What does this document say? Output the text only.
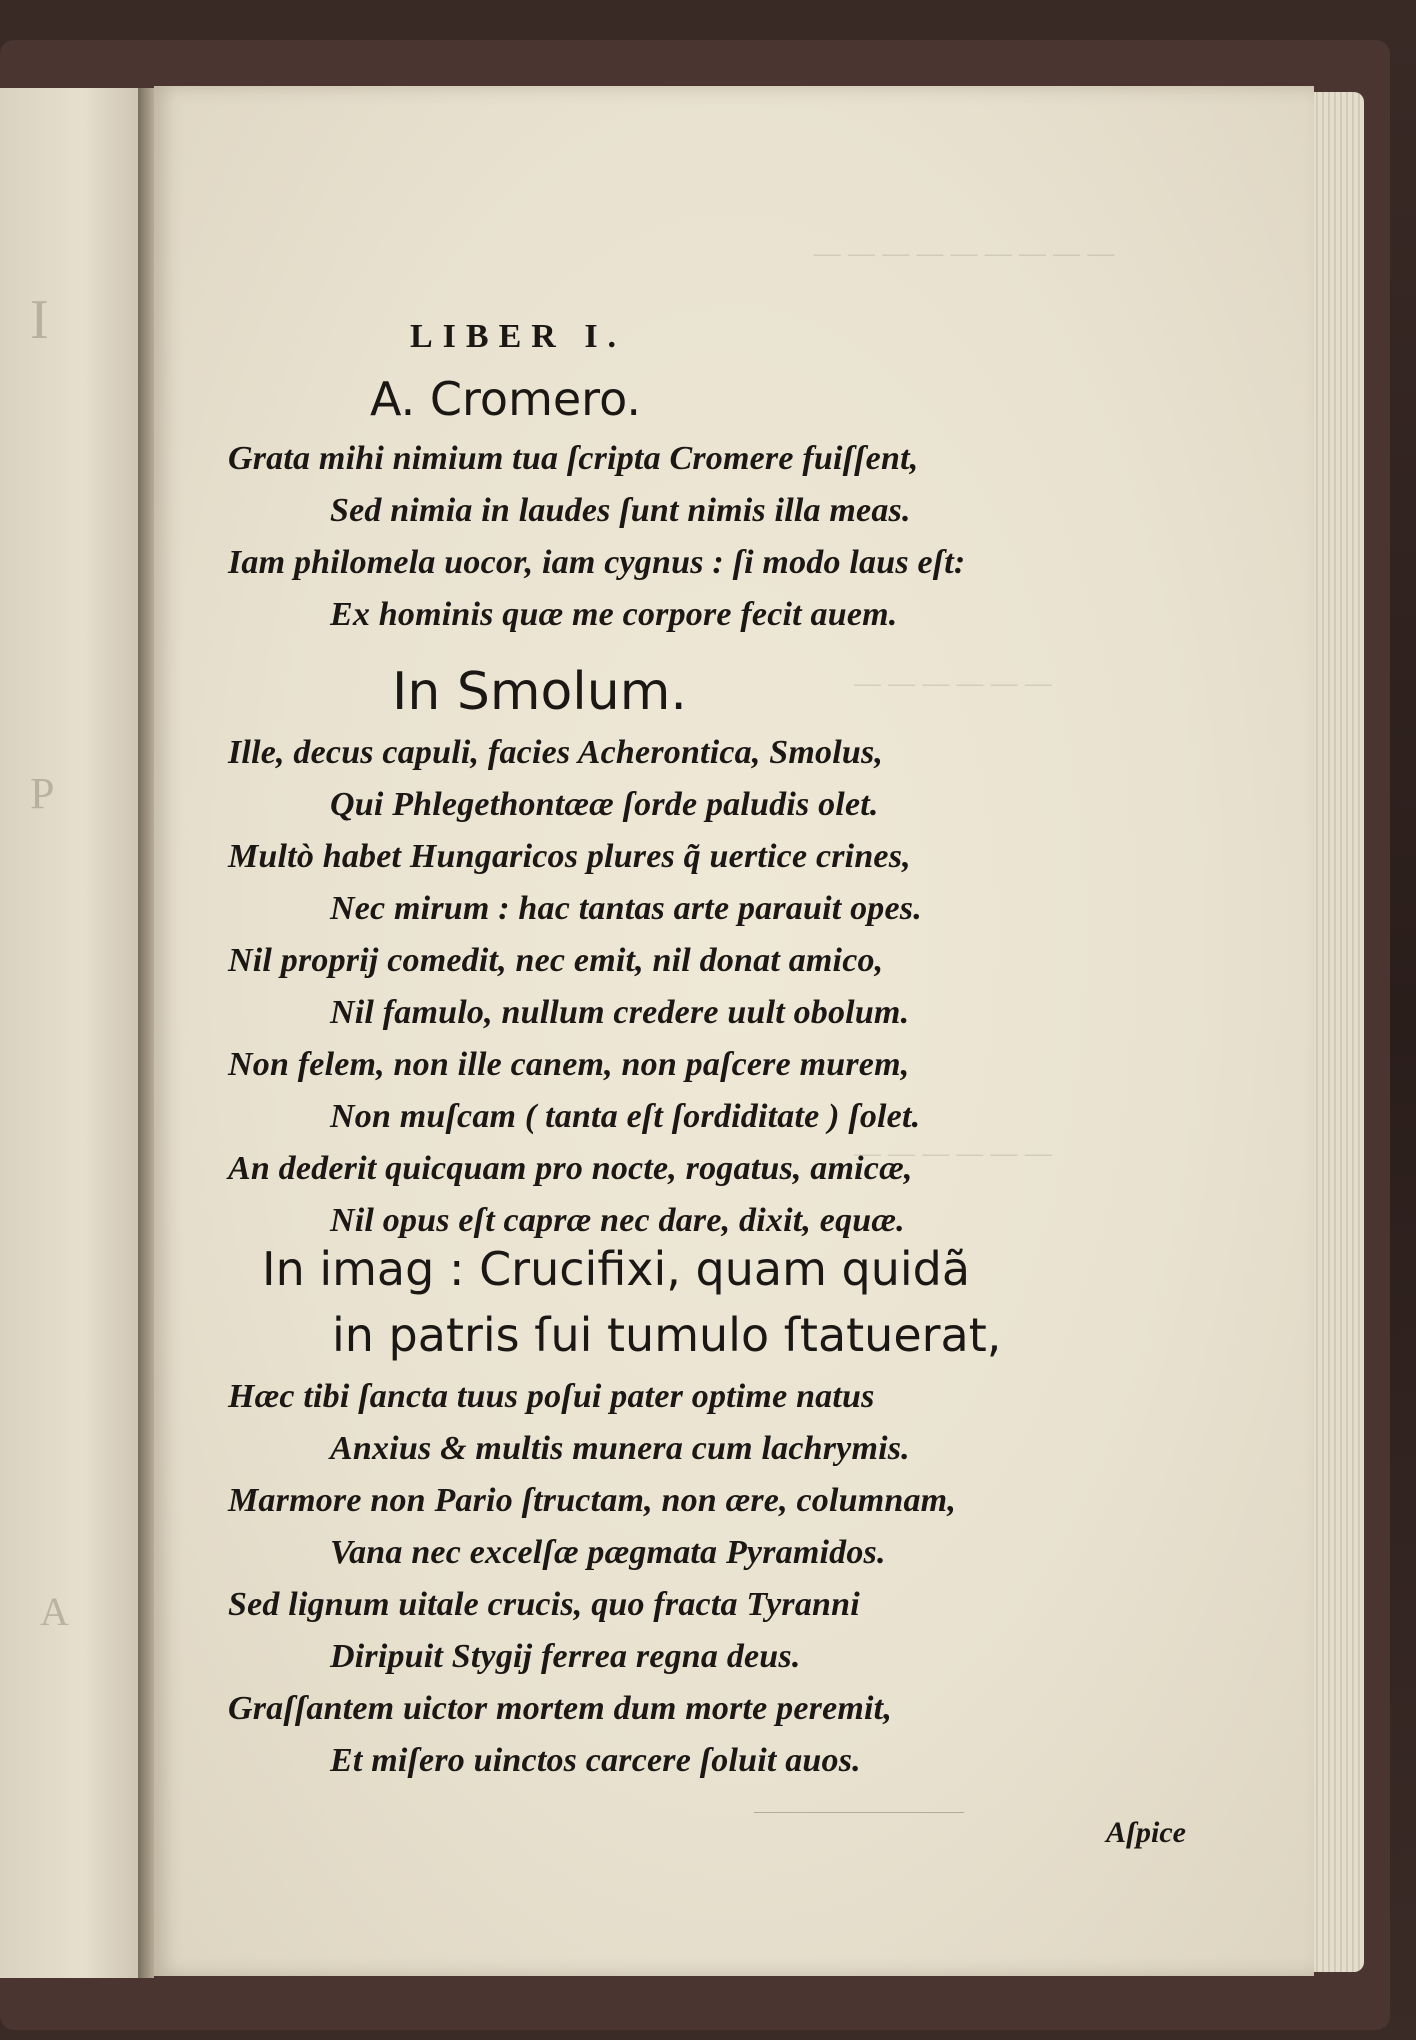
I
P
A
— — — — — — — — —
— — — — — —
— — — — — —
LIBER I.
A. Cromero.
Grata mihi nimium tua ſcripta Cromere fuiſſent,
Sed nimia in laudes ſunt nimis illa meas.
Iam philomela uocor, iam cygnus : ſi modo laus eſt:
Ex hominis quæ me corpore fecit auem.
In Smolum.
Ille, decus capuli, facies Acherontica, Smolus,
Qui Phlegethontææ ſorde paludis olet.
Multò habet Hungaricos plures q̃ uertice crines,
Nec mirum : hac tantas arte parauit opes.
Nil proprij comedit, nec emit, nil donat amico,
Nil famulo, nullum credere uult obolum.
Non felem, non ille canem, non paſcere murem,
Non muſcam ( tanta eſt ſordiditate ) ſolet.
An dederit quicquam pro nocte, rogatus, amicæ,
Nil opus eſt capræ nec dare, dixit, equæ.
In imag : Crucifixi, quam quidã
in patris ſui tumulo ſtatuerat,
Hæc tibi ſancta tuus poſui pater optime natus
Anxius & multis munera cum lachrymis.
Marmore non Pario ſtructam, non ære, columnam,
Vana nec excelſæ pægmata Pyramidos.
Sed lignum uitale crucis, quo fracta Tyranni
Diripuit Stygij ferrea regna deus.
Graſſantem uictor mortem dum morte peremit,
Et miſero uinctos carcere ſoluit auos.
Aſpice
